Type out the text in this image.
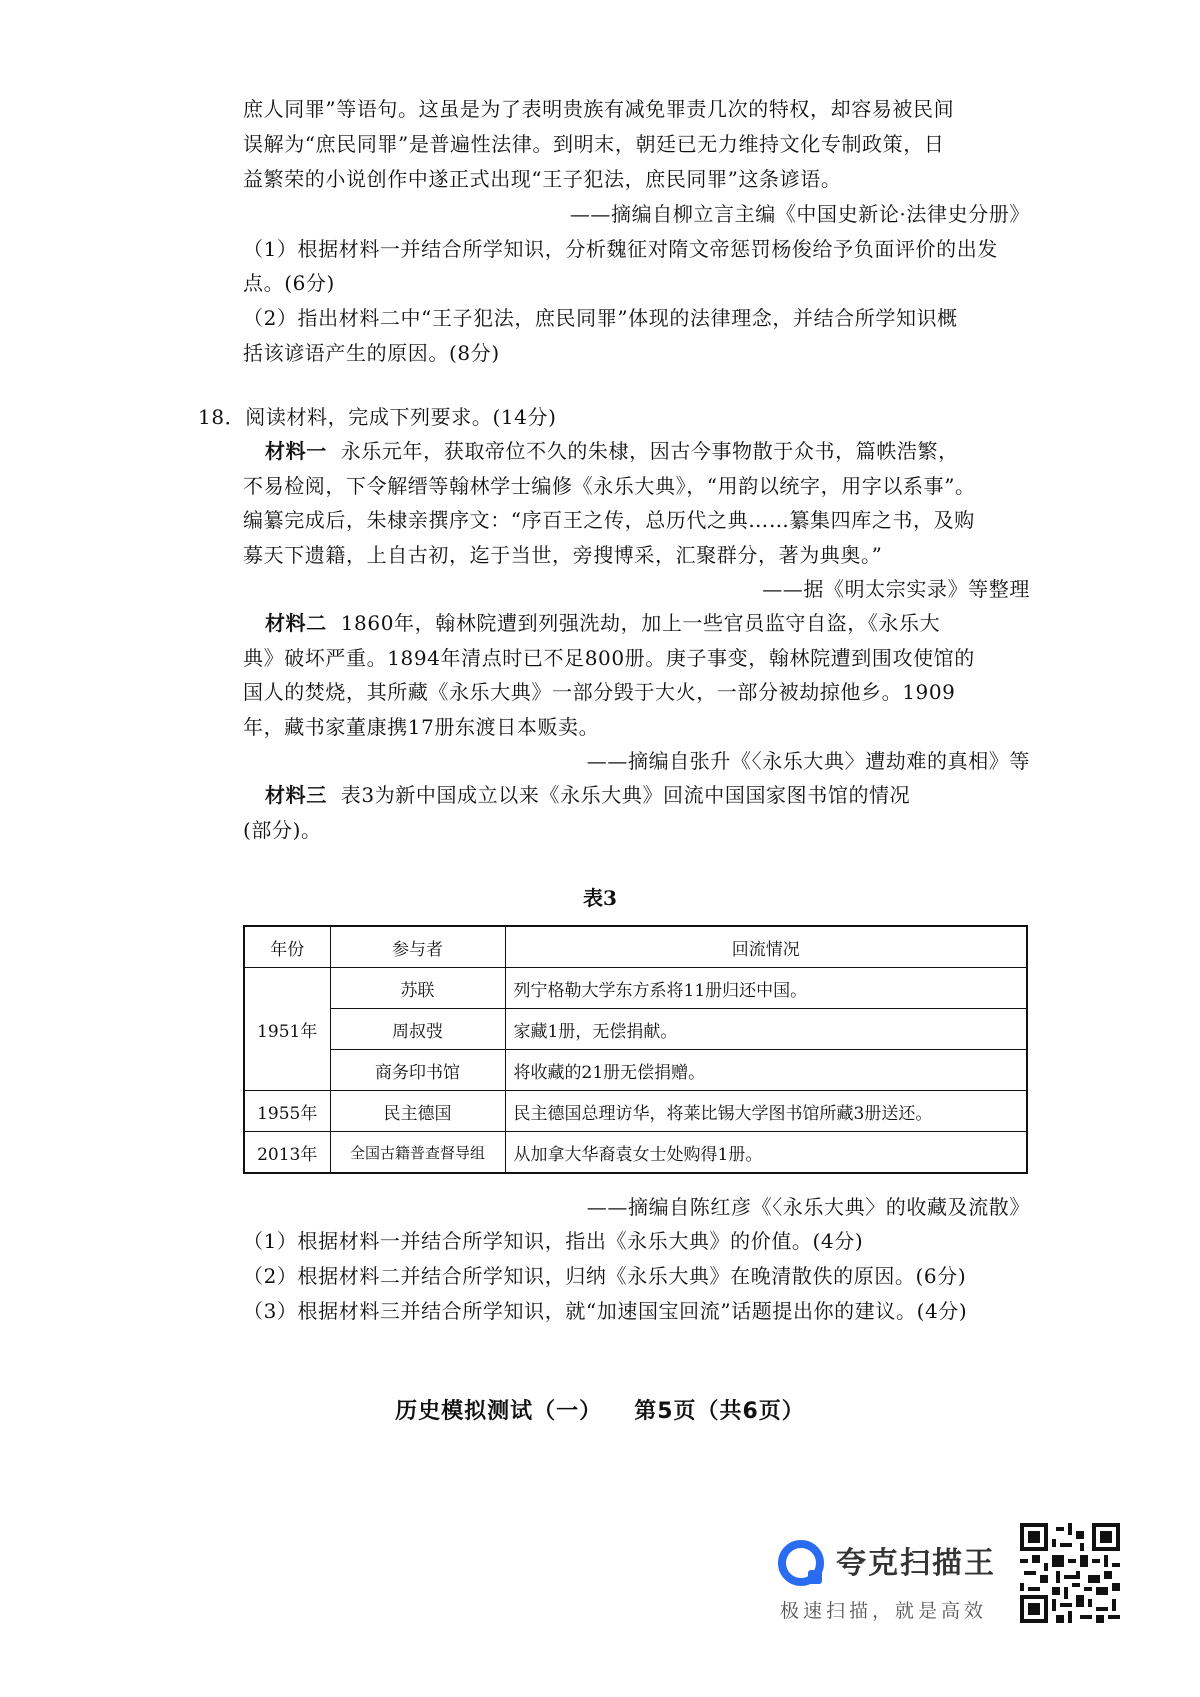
庶人同罪”等语句。这虽是为了表明贵族有减免罪责几次的特权，却容易被民间
误解为“庶民同罪”是普遍性法律。到明末，朝廷已无力维持文化专制政策，日
益繁荣的小说创作中遂正式出现“王子犯法，庶民同罪”这条谚语。
——摘编自柳立言主编《中国史新论·法律史分册》
（1）根据材料一并结合所学知识，分析魏征对隋文帝惩罚杨俊给予负面评价的出发
点。(6分)
（2）指出材料二中“王子犯法，庶民同罪”体现的法律理念，并结合所学知识概
括该谚语产生的原因。(8分)
18．阅读材料，完成下列要求。(14分)
材料一 永乐元年，获取帝位不久的朱棣，因古今事物散于众书，篇帙浩繁，
不易检阅，下令解缙等翰林学士编修《永乐大典》，“用韵以统字，用字以系事”。
编纂完成后，朱棣亲撰序文：“序百王之传，总历代之典……纂集四库之书，及购
募天下遗籍，上自古初，迄于当世，旁搜博采，汇聚群分，著为典奥。”
——据《明太宗实录》等整理
材料二 1860年，翰林院遭到列强洗劫，加上一些官员监守自盗，《永乐大
典》破坏严重。1894年清点时已不足800册。庚子事变，翰林院遭到围攻使馆的
国人的焚烧，其所藏《永乐大典》一部分毁于大火，一部分被劫掠他乡。1909
年，藏书家董康携17册东渡日本贩卖。
——摘编自张升《〈永乐大典〉遭劫难的真相》等
材料三 表3为新中国成立以来《永乐大典》回流中国国家图书馆的情况
(部分)。
表3
年份	参与者	回流情况
1951年	苏联	列宁格勒大学东方系将11册归还中国。
	周叔弢	家藏1册，无偿捐献。
	商务印书馆	将收藏的21册无偿捐赠。
1955年	民主德国	民主德国总理访华，将莱比锡大学图书馆所藏3册送还。
2013年	全国古籍普查督导组	从加拿大华裔袁女士处购得1册。
——摘编自陈红彦《〈永乐大典〉的收藏及流散》
（1）根据材料一并结合所学知识，指出《永乐大典》的价值。(4分)
（2）根据材料二并结合所学知识，归纳《永乐大典》在晚清散佚的原因。(6分)
（3）根据材料三并结合所学知识，就“加速国宝回流”话题提出你的建议。(4分)
历史模拟测试（一） 第5页（共6页）
夸克扫描王
极速扫描，就是高效
